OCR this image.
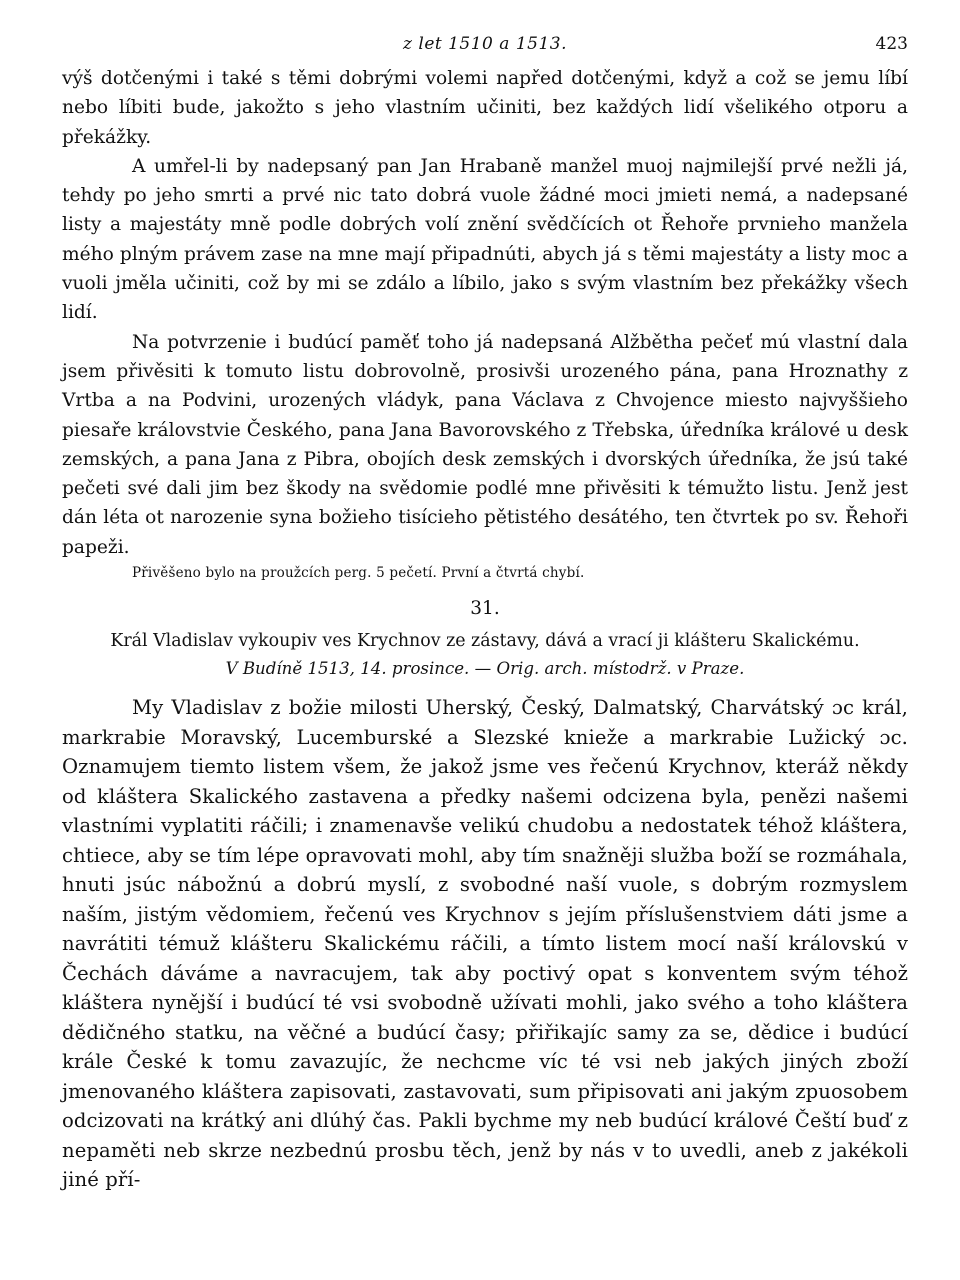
z let 1510 a 1513.	423

výš dotčenými i také s těmi dobrými volemi napřed dotčenými, když a což se jemu líbí nebo líbiti bude, jakožto s jeho vlastním učiniti, bez každých lidí všelikého otporu a překážky.

A umřel-li by nadepsaný pan Jan Hrabaně manžel muoj najmilejší prvé nežli já, tehdy po jeho smrti a prvé nic tato dobrá vuole žádné moci jmieti nemá, a nadepsané listy a majestáty mně podle dobrých volí znění svědčících ot Řehoře prvnieho manžela mého plným právem zase na mne mají připadnúti, abych já s těmi majestáty a listy moc a vuoli jměla učiniti, což by mi se zdálo a líbilo, jako s svým vlastním bez překážky všech lidí.

Na potvrzenie i budúcí paměť toho já nadepsaná Alžbětha pečeť mú vlastní dala jsem přivěsiti k tomuto listu dobrovolně, prosivši urozeného pána, pana Hroznathy z Vrtba a na Podvini, urozených vládyk, pana Václava z Chvojence miesto najvyššieho piesaře královstvie Českého, pana Jana Bavorovského z Třebska, úředníka králové u desk zemských, a pana Jana z Pibra, obojích desk zemských i dvorských úředníka, že jsú také pečeti své dali jim bez škody na svědomie podlé mne přivěsiti k témužto listu. Jenž jest dán léta ot narozenie syna božieho tisícieho pětistého desátého, ten čtvrtek po sv. Řehoři papeži.

Přivěšeno bylo na proužcích perg. 5 pečetí. První a čtvrtá chybí.
31.
Král Vladislav vykoupiv ves Krychnov ze zástavy, dává a vrací ji klášteru Skalickému.
V Budíně 1513, 14. prosince. — Orig. arch. místodrž. v Praze.

My Vladislav z božie milosti Uherský, Český, Dalmatský, Charvátský ɔc král, markrabie Moravský, Lucemburské a Slezské knieže a markrabie Lužický ɔc. Oznamujem tiemto listem všem, že jakož jsme ves řečenú Krychnov, kteráž někdy od kláštera Skalického zastavena a předky našemi odcizena byla, penězi našemi vlastními vyplatiti ráčili; i znamenavše velikú chudobu a nedostatek téhož kláštera, chtiece, aby se tím lépe opravovati mohl, aby tím snažněji služba boží se rozmáhala, hnuti jsúc nábožnú a dobrú myslí, z svobodné naší vuole, s dobrým rozmyslem naším, jistým vědomiem, řečenú ves Krychnov s jejím příslušenstviem dáti jsme a navrátiti témuž klášteru Skalickému ráčili, a tímto listem mocí naší královskú v Čechách dáváme a navracujem, tak aby poctivý opat s konventem svým téhož kláštera nynější i budúcí té vsi svobodně užívati mohli, jako svého a toho kláštera dědičného statku, na věčné a budúcí časy; přiřikajíc samy za se, dědice i budúcí krále České k tomu zavazujíc, že nechcme víc té vsi neb jakých jiných zboží jmenovaného kláštera zapisovati, zastavovati, sum připisovati ani jakým zpuosobem odcizovati na krátký ani dlúhý čas. Pakli bychme my neb budúcí králové Čeští buď z nepaměti neb skrze nezbednú prosbu těch, jenž by nás v to uvedli, aneb z jakékoli jiné pří-
